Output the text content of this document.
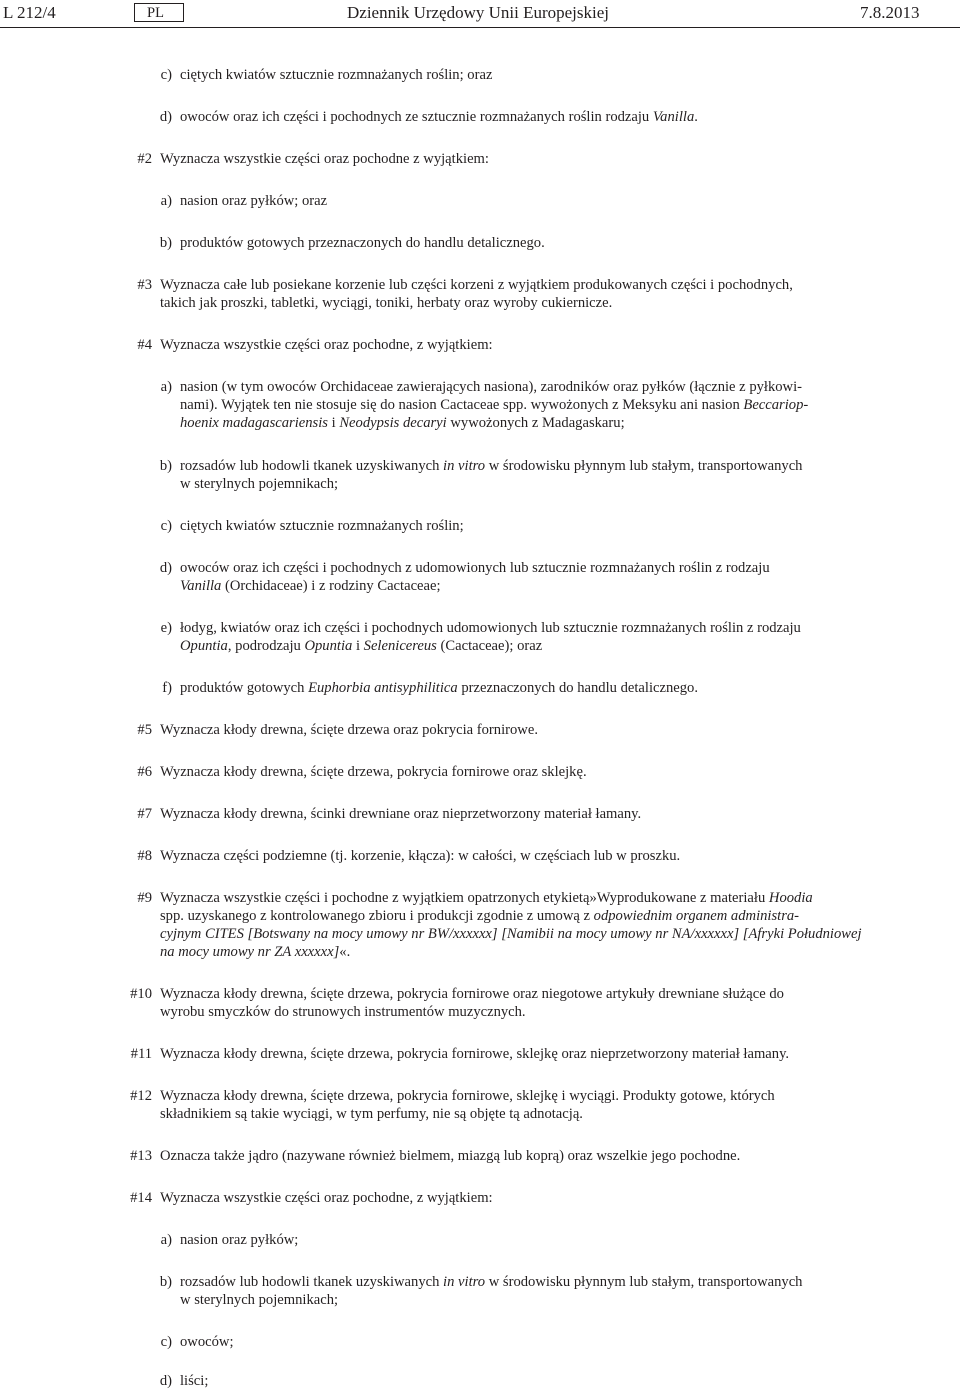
L 212/4	PL	Dziennik Urzędowy Unii Europejskiej	7.8.2013
c) ciętych kwiatów sztucznie rozmnażanych roślin; oraz
d) owoców oraz ich części i pochodnych ze sztucznie rozmnażanych roślin rodzaju Vanilla.
#2 Wyznacza wszystkie części oraz pochodne z wyjątkiem:
a) nasion oraz pyłków; oraz
b) produktów gotowych przeznaczonych do handlu detalicznego.
#3 Wyznacza całe lub posiekane korzenie lub części korzeni z wyjątkiem produkowanych części i pochodnych,
takich jak proszki, tabletki, wyciągi, toniki, herbaty oraz wyroby cukiernicze.
#4 Wyznacza wszystkie części oraz pochodne, z wyjątkiem:
a) nasion (w tym owoców Orchidaceae zawierających nasiona), zarodników oraz pyłków (łącznie z pyłkowi-
nami). Wyjątek ten nie stosuje się do nasion Cactaceae spp. wywożonych z Meksyku ani nasion Beccariop-
hoenix madagascariensis i Neodypsis decaryi wywożonych z Madagaskaru;
b) rozsadów lub hodowli tkanek uzyskiwanych in vitro w środowisku płynnym lub stałym, transportowanych
w sterylnych pojemnikach;
c) ciętych kwiatów sztucznie rozmnażanych roślin;
d) owoców oraz ich części i pochodnych z udomowionych lub sztucznie rozmnażanych roślin z rodzaju
Vanilla (Orchidaceae) i z rodziny Cactaceae;
e) łodyg, kwiatów oraz ich części i pochodnych udomowionych lub sztucznie rozmnażanych roślin z rodzaju
Opuntia, podrodzaju Opuntia i Selenicereus (Cactaceae); oraz
f) produktów gotowych Euphorbia antisyphilitica przeznaczonych do handlu detalicznego.
#5 Wyznacza kłody drewna, ścięte drzewa oraz pokrycia fornirowe.
#6 Wyznacza kłody drewna, ścięte drzewa, pokrycia fornirowe oraz sklejkę.
#7 Wyznacza kłody drewna, ścinki drewniane oraz nieprzetworzony materiał łamany.
#8 Wyznacza części podziemne (tj. korzenie, kłącza): w całości, w częściach lub w proszku.
#9 Wyznacza wszystkie części i pochodne z wyjątkiem opatrzonych etykietą»Wyprodukowane z materiału Hoodia
spp. uzyskanego z kontrolowanego zbioru i produkcji zgodnie z umową z odpowiednim organem administra-
cyjnym CITES [Botswany na mocy umowy nr BW/xxxxxx] [Namibii na mocy umowy nr NA/xxxxxx] [Afryki Południowej
na mocy umowy nr ZA xxxxxx]«.
#10 Wyznacza kłody drewna, ścięte drzewa, pokrycia fornirowe oraz niegotowe artykuły drewniane służące do
wyrobu smyczków do strunowych instrumentów muzycznych.
#11 Wyznacza kłody drewna, ścięte drzewa, pokrycia fornirowe, sklejkę oraz nieprzetworzony materiał łamany.
#12 Wyznacza kłody drewna, ścięte drzewa, pokrycia fornirowe, sklejkę i wyciągi. Produkty gotowe, których
składnikiem są takie wyciągi, w tym perfumy, nie są objęte tą adnotacją.
#13 Oznacza także jądro (nazywane również bielmem, miazgą lub koprą) oraz wszelkie jego pochodne.
#14 Wyznacza wszystkie części oraz pochodne, z wyjątkiem:
a) nasion oraz pyłków;
b) rozsadów lub hodowli tkanek uzyskiwanych in vitro w środowisku płynnym lub stałym, transportowanych
w sterylnych pojemnikach;
c) owoców;
d) liści;
